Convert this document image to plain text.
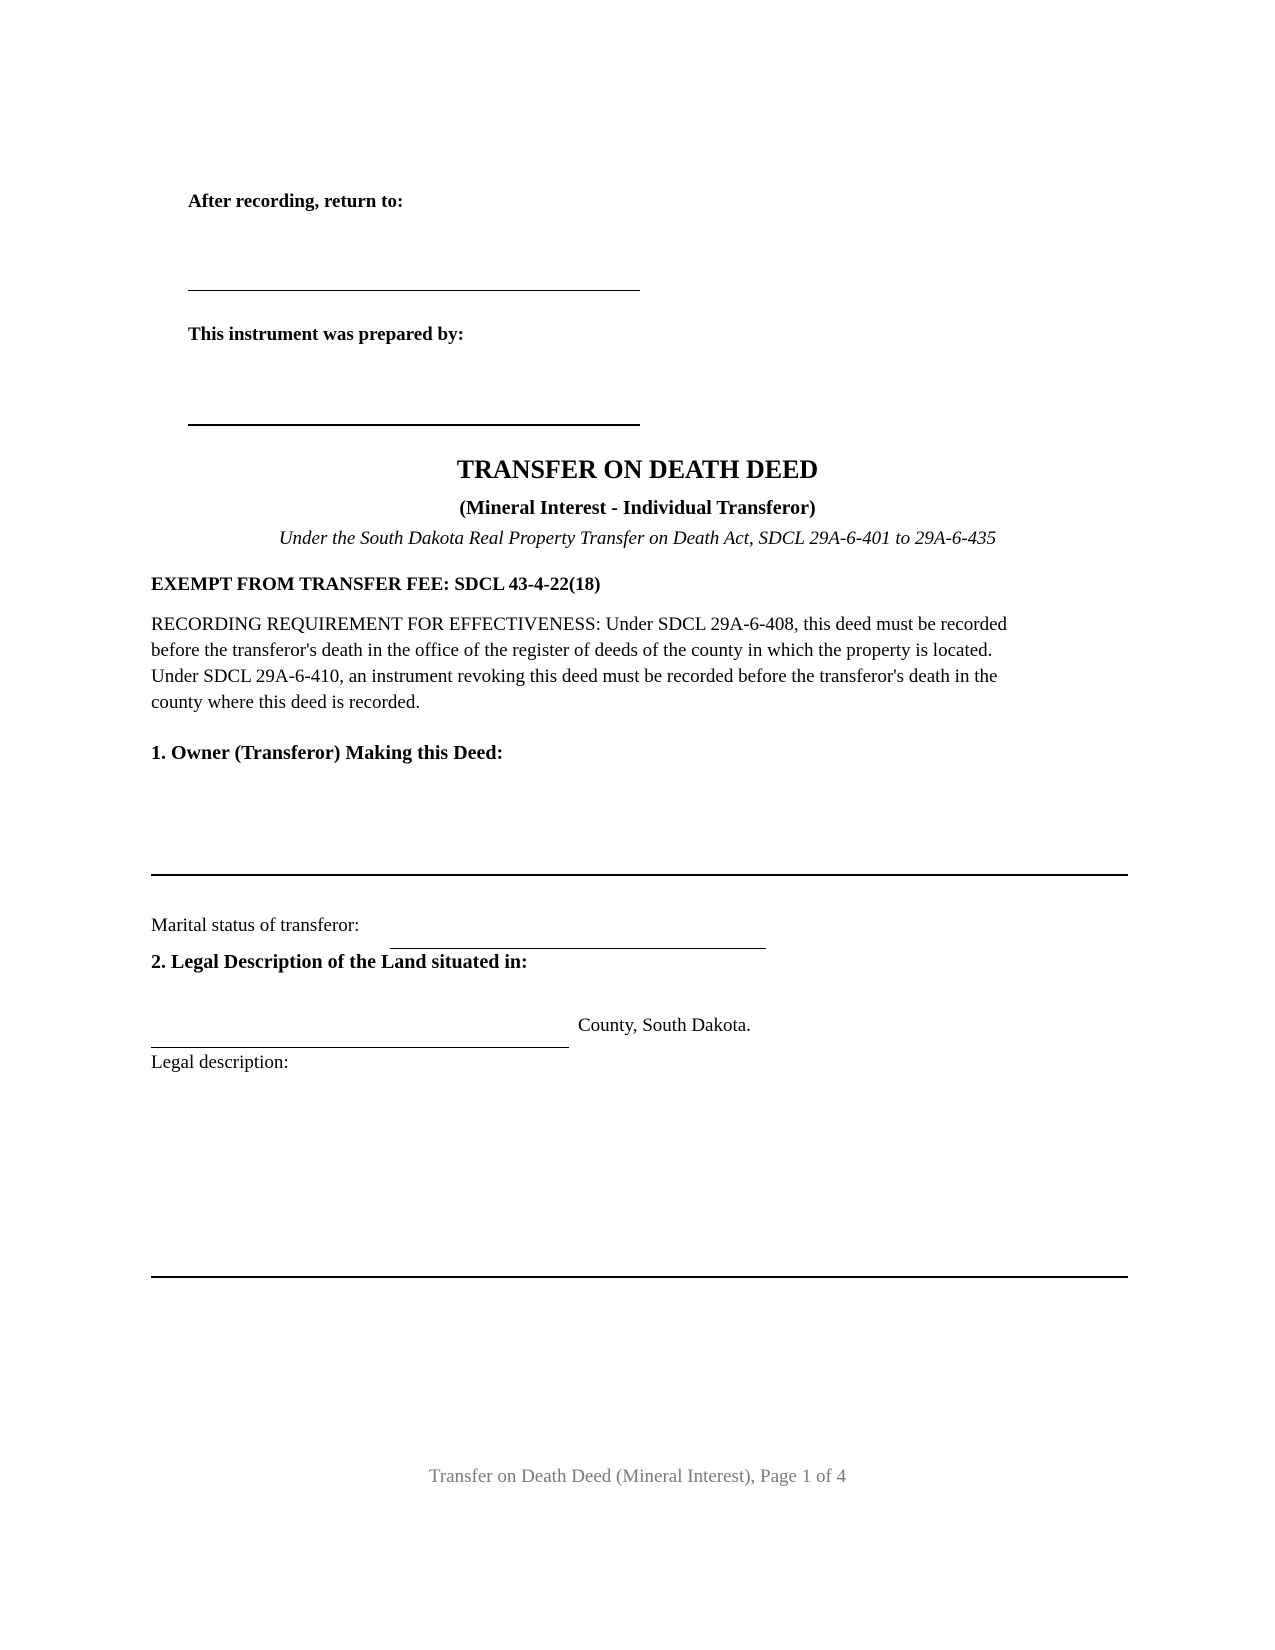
After recording, return to:
This instrument was prepared by:
TRANSFER ON DEATH DEED
(Mineral Interest - Individual Transferor)
Under the South Dakota Real Property Transfer on Death Act, SDCL 29A-6-401 to 29A-6-435
EXEMPT FROM TRANSFER FEE: SDCL 43-4-22(18)
RECORDING REQUIREMENT FOR EFFECTIVENESS: Under SDCL 29A-6-408, this deed must be recorded
before the transferor's death in the office of the register of deeds of the county in which the property is located.
Under SDCL 29A-6-410, an instrument revoking this deed must be recorded before the transferor's death in the
county where this deed is recorded.
1. Owner (Transferor) Making this Deed:
Marital status of transferor:
2. Legal Description of the Land situated in:
County, South Dakota.
Legal description:
Transfer on Death Deed (Mineral Interest), Page 1 of 4
